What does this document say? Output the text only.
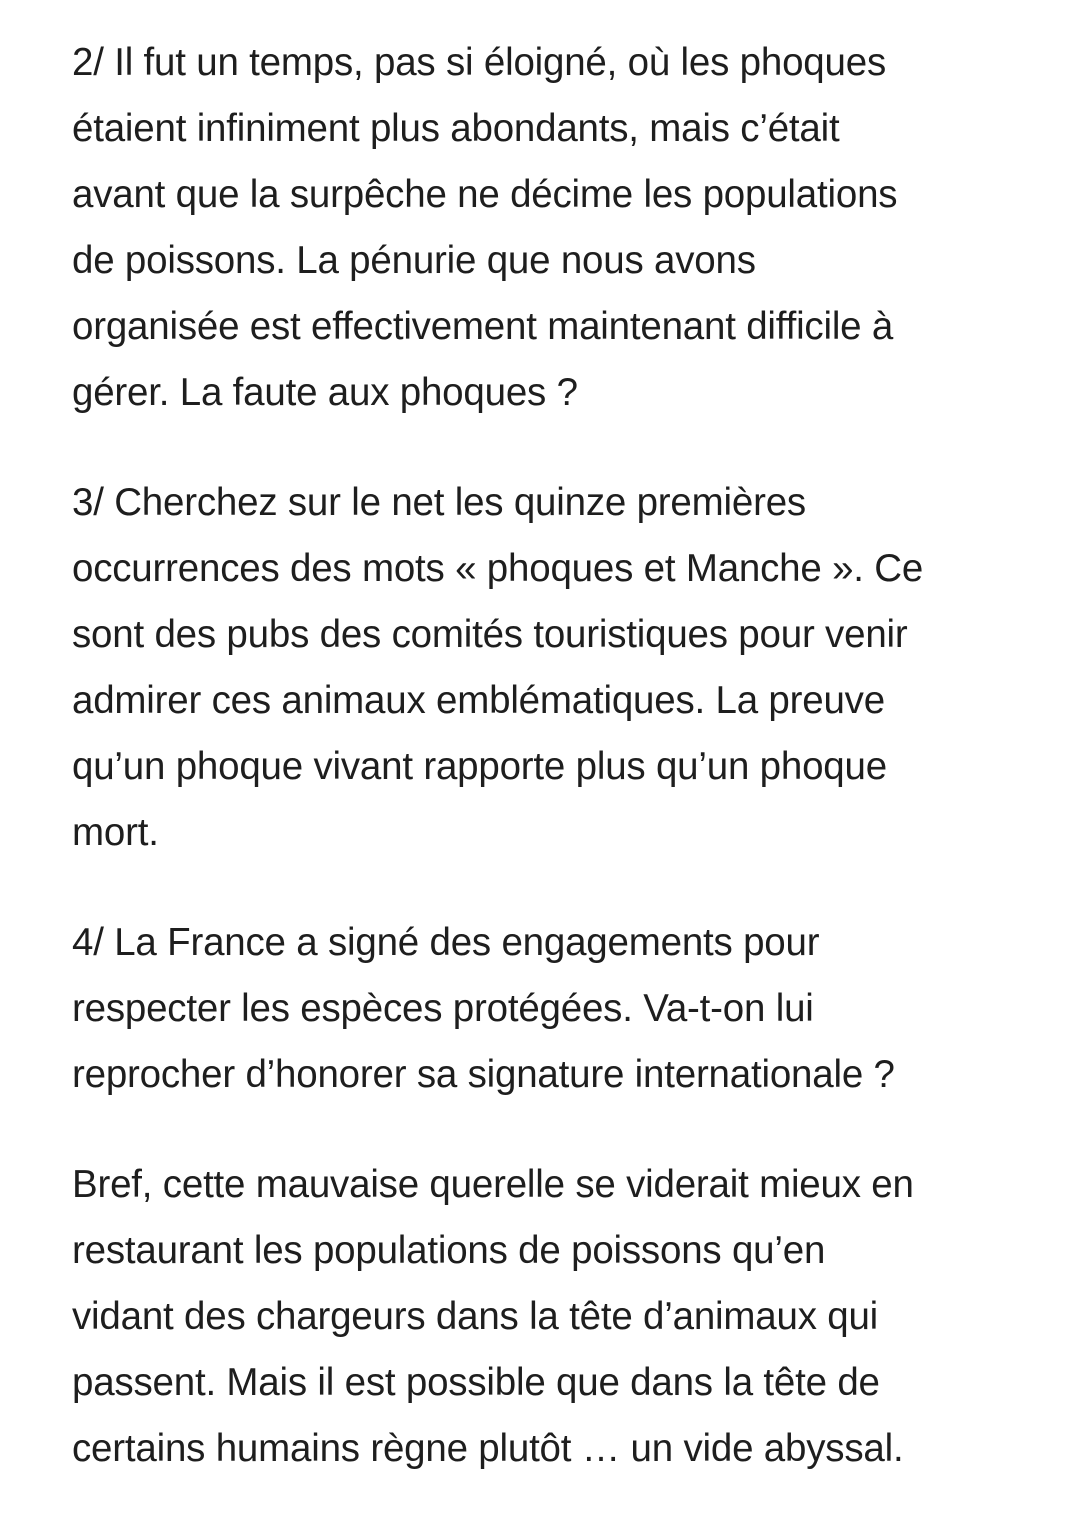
2/ Il fut un temps, pas si éloigné, où les phoques
étaient infiniment plus abondants, mais c’était
avant que la surpêche ne décime les populations
de poissons. La pénurie que nous avons
organisée est effectivement maintenant difficile à
gérer. La faute aux phoques ?

3/ Cherchez sur le net les quinze premières
occurrences des mots « phoques et Manche ». Ce
sont des pubs des comités touristiques pour venir
admirer ces animaux emblématiques. La preuve
qu’un phoque vivant rapporte plus qu’un phoque
mort.

4/ La France a signé des engagements pour
respecter les espèces protégées. Va-t-on lui
reprocher d’honorer sa signature internationale ?

Bref, cette mauvaise querelle se viderait mieux en
restaurant les populations de poissons qu’en
vidant des chargeurs dans la tête d’animaux qui
passent. Mais il est possible que dans la tête de
certains humains règne plutôt … un vide abyssal.
